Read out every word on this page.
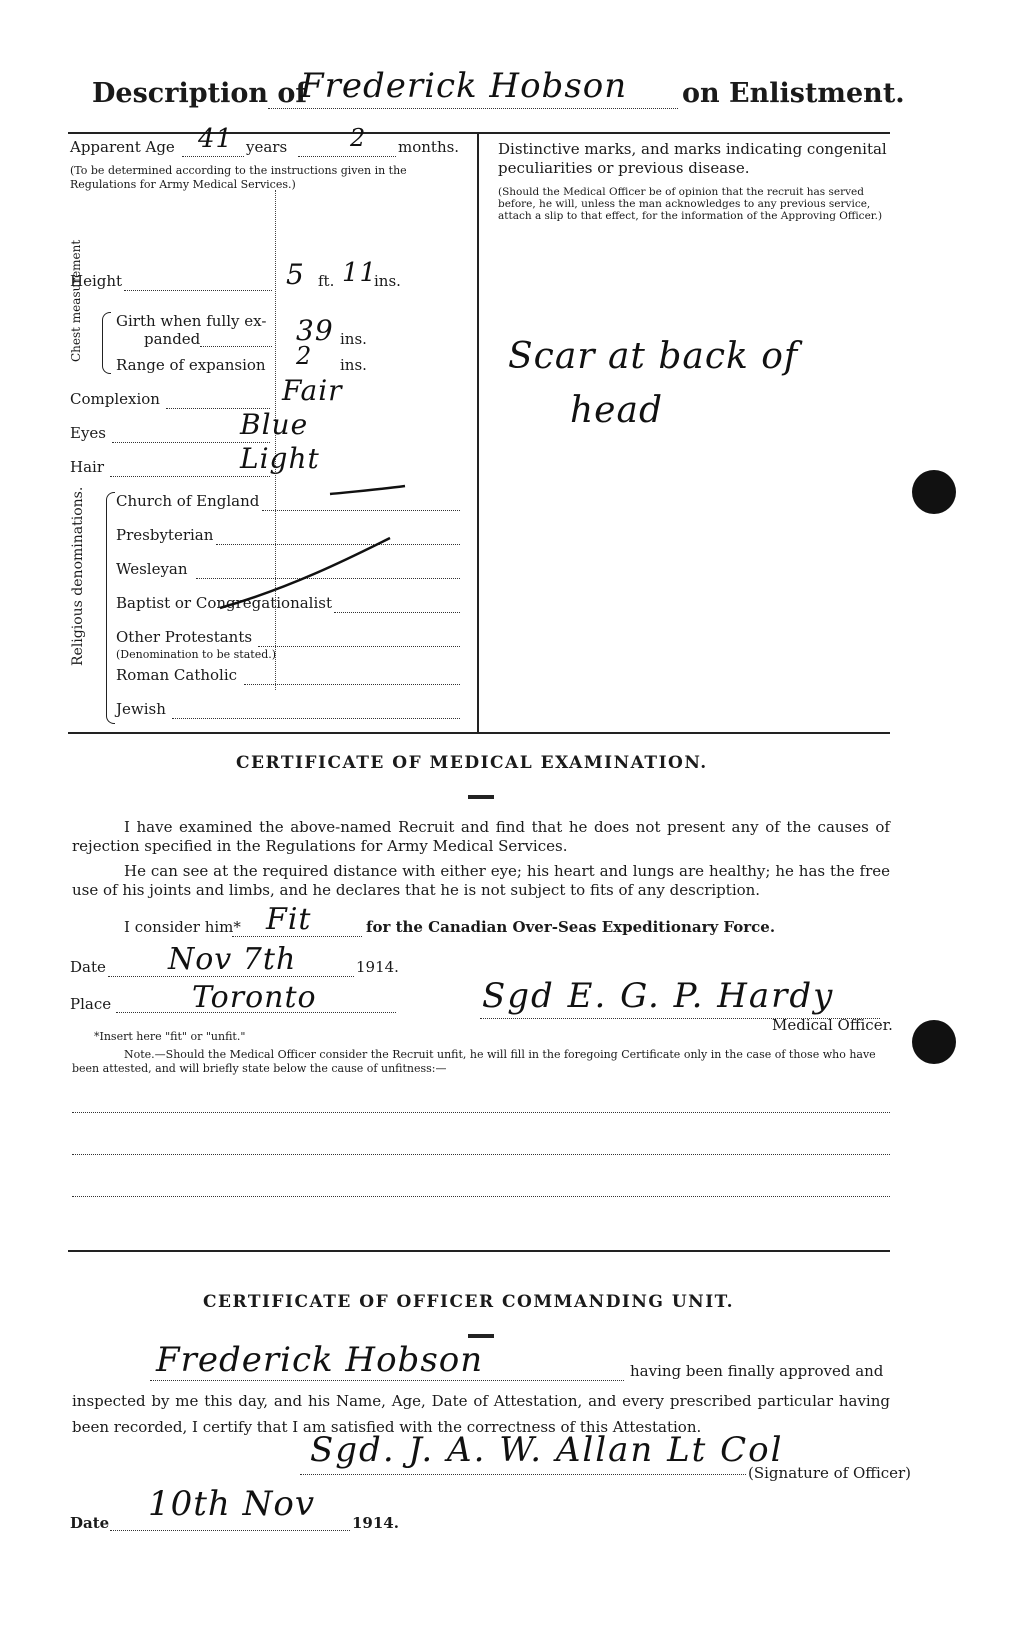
Description of
Frederick Hobson on Enlistment.
Apparent Age 41 years	2 months.
(To be determined according to the instructions given in the Regulations for Army Medical Services.)
Height	5 ft. 11
ins.
Chest measurement Girth when fully ex-
panded	39 ins.
Range of expansion 2 ins.
Complexion	Fair
Eyes	Blue
Hair	Light
Religious denominations. Church of England
Presbyterian
Wesleyan
Baptist or Congregationalist
Other Protestants
(Denomination to be stated.)
Roman Catholic
Jewish
Distinctive marks, and marks indicating congenital peculiarities or previous disease.
(Should the Medical Officer be of opinion that the recruit has served before, he will, unless the man acknowledges to any previous service, attach a slip to that effect, for the information of the Approving Officer.)
Scar at back of
head
CERTIFICATE OF MEDICAL EXAMINATION.
I have examined the above-named Recruit and find that he does not present any of the causes of rejection specified in the Regulations for Army Medical Services.
He can see at the required distance with either eye; his heart and lungs are healthy; he has the free use of his joints and limbs, and he declares that he is not subject to fits of any description.
I consider him* Fit	for the Canadian Over-Seas Expeditionary Force.
Date Nov 7th	1914.
Place	Toronto	Sgd E. G. P. Hardy
Medical Officer.
*Insert here "fit" or "unfit."
Note.—Should the Medical Officer consider the Recruit unfit, he will fill in the foregoing Certificate only in the case of those who have been attested, and will briefly state below the cause of unfitness:—
CERTIFICATE OF OFFICER COMMANDING UNIT.
Frederick Hobson	having been finally approved and
inspected by me this day, and his Name, Age, Date of Attestation, and every prescribed particular having been recorded, I certify that I am satisfied with the correctness of this Attestation.
Sgd. J. A. W. Allan Lt Col
(Signature of Officer)
Date 10th Nov 1914.
